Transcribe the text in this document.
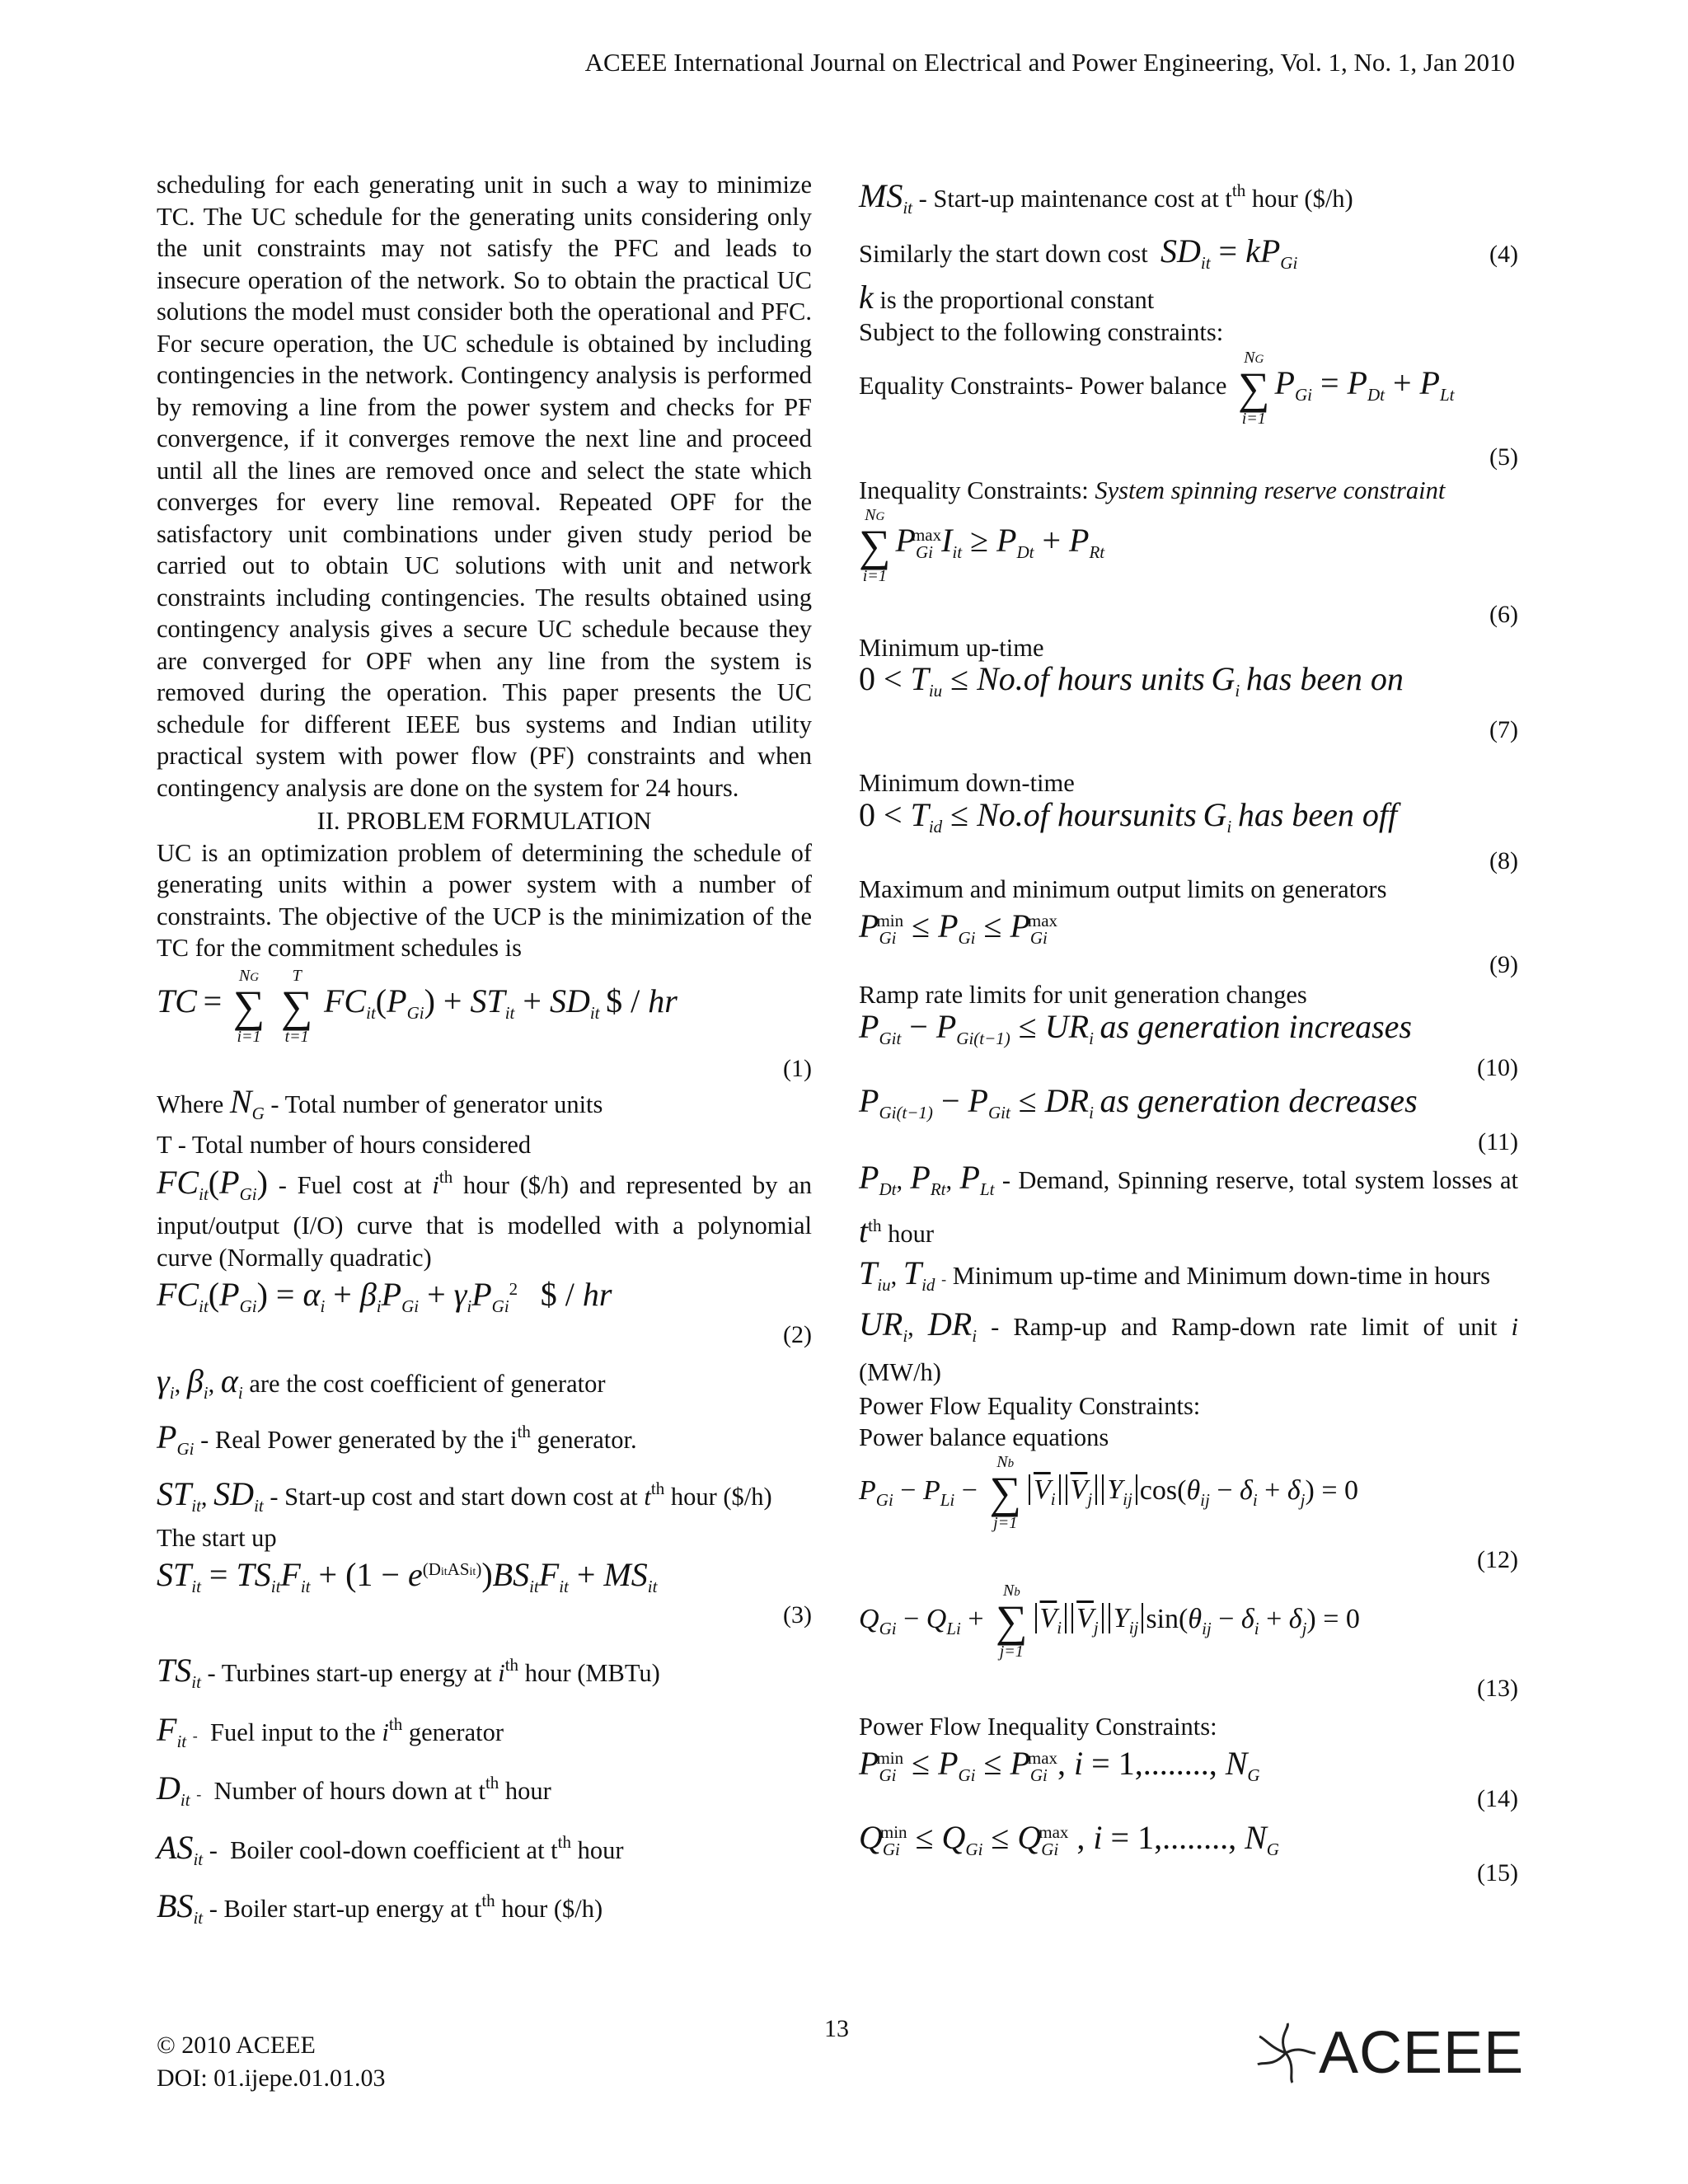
ACEEE International Journal on Electrical and Power Engineering, Vol. 1, No. 1, Jan 2010

scheduling for each generating unit in such a way to minimize TC. The UC schedule for the generating units considering only the unit constraints may not satisfy the PFC and leads to insecure operation of the network. So to obtain the practical UC solutions the model must consider both the operational and PFC. For secure operation, the UC schedule is obtained by including contingencies in the network. Contingency analysis is performed by removing a line from the power system and checks for PF convergence, if it converges remove the next line and proceed until all the lines are removed once and select the state which converges for every line removal. Repeated OPF for the satisfactory unit combinations under given study period be carried out to obtain UC solutions with unit and network constraints including contingencies. The results obtained using contingency analysis gives a secure UC schedule because they are converged for OPF when any line from the system is removed during the operation. This paper presents the UC schedule for different IEEE bus systems and Indian utility practical system with power flow (PF) constraints and when contingency analysis are done on the system for 24 hours.

II. PROBLEM FORMULATION

UC is an optimization problem of determining the schedule of generating units within a power system with a number of constraints. The objective of the UCP is the minimization of the TC for the commitment schedules is

TC =
NG
∑
i=1

T
∑
t=1
$FC_{it}(P_{Gi}) + ST_{it} + SD_{it}$ $ / hr
(1)
Where $N_G$ - Total number of generator units
T - Total number of hours considered
$FC_{it}(P_{Gi})$ - Fuel cost at $i^{th}$ hour ($/h) and represented by an input/output (I/O) curve that is modelled with a polynomial curve (Normally quadratic)
$FC_{it}(P_{Gi}) = \alpha_i + \beta_iP_{Gi} + \gamma_iP_{Gi}^2$   $ / hr
(2)
$\gamma_i$, $\beta_i$, $\alpha_i$ are the cost coefficient of generator
$P_{Gi}$ - Real Power generated by the $i^{th}$ generator.
$ST_{it}$, $SD_{it}$ - Start-up cost and start down cost at $t^{th}$ hour ($/h)
The start up
$ST_{it} = TS_{it}F_{it} + (1 - e^{(DitASit)})BS_{it}F_{it} + MS_{it}$
(3)
$TS_{it}$ - Turbines start-up energy at $i^{th}$ hour (MBTu)
$F_{it}$ - Fuel input to the $i^{th}$ generator
$D_{it}$ - Number of hours down at $t^{th}$ hour
$AS_{it}$ -  Boiler cool-down coefficient at $t^{th}$ hour
$BS_{it}$ - Boiler start-up energy at $t^{th}$ hour ($/h)
$MS_{it}$ - Start-up maintenance cost at $t^{th}$ hour ($/h)
Similarly the start down cost $SD_{it} = kP_{Gi}$	(4)
k is the proportional constant
Subject to the following constraints:
Equality Constraints- Power balance
NG
∑
i=1
$P_{Gi} = P_{Dt} + P_{Lt}$
(5)
Inequality Constraints: System spinning reserve constraint
NG
∑
i=1
$P_{Gi}^{max}I_{it} \ge P_{Dt} + P_{Rt}$
(6)
Minimum up-time
$0 < T_{iu} \le No.of$ hours units $G_i$ has been on
(7)
Minimum down-time
$0 < T_{id} \le No.of$ hoursunits $G_i$ has been off
(8)
Maximum and minimum output limits on generators
$P_{Gi}^{min} \le P_{Gi} \le P_{Gi}^{max}$
(9)
Ramp rate limits for unit generation changes
$P_{Git} - P_{Gi(t-1)} \le UR_i$ as generation increases
(10)
$P_{Gi(t-1)} - P_{Git} \le DR_i$ as generation decreases
(11)
$P_{Dt}$, $P_{Rt}$, $P_{Lt}$ - Demand, Spinning reserve, total system losses at $t^{th}$ hour
$T_{iu}$, $T_{id}$ - Minimum up-time and Minimum down-time in hours
$UR_i$, $DR_i$ - Ramp-up and Ramp-down rate limit of unit i (MW/h)
Power Flow Equality Constraints:
Power balance equations
$P_{Gi} - P_{Li}$ −
Nb
∑
j=1
$\overline{V}_i$ $\overline{V}_j$ $Y_{ij}$ $\cos(\theta_{ij} - \delta_i + \delta_j) = 0$
(12)
$Q_{Gi} - Q_{Li}$ +
Nb
∑
j=1
$\overline{V}_i$ $\overline{V}_j$ $Y_{ij}$ $\sin(\theta_{ij} - \delta_i + \delta_j) = 0$
(13)
Power Flow Inequality Constraints:
$P_{Gi}^{min} \le P_{Gi} \le P_{Gi}^{max}$, i = 1,........, $N_G$
(14)
$Q_{Gi}^{min} \le Q_{Gi} \le Q_{Gi}^{max}$ , i = 1,........, $N_G$
(15)
13
© 2010 ACEEE
DOI: 01.ijepe.01.01.03	ACEEE
